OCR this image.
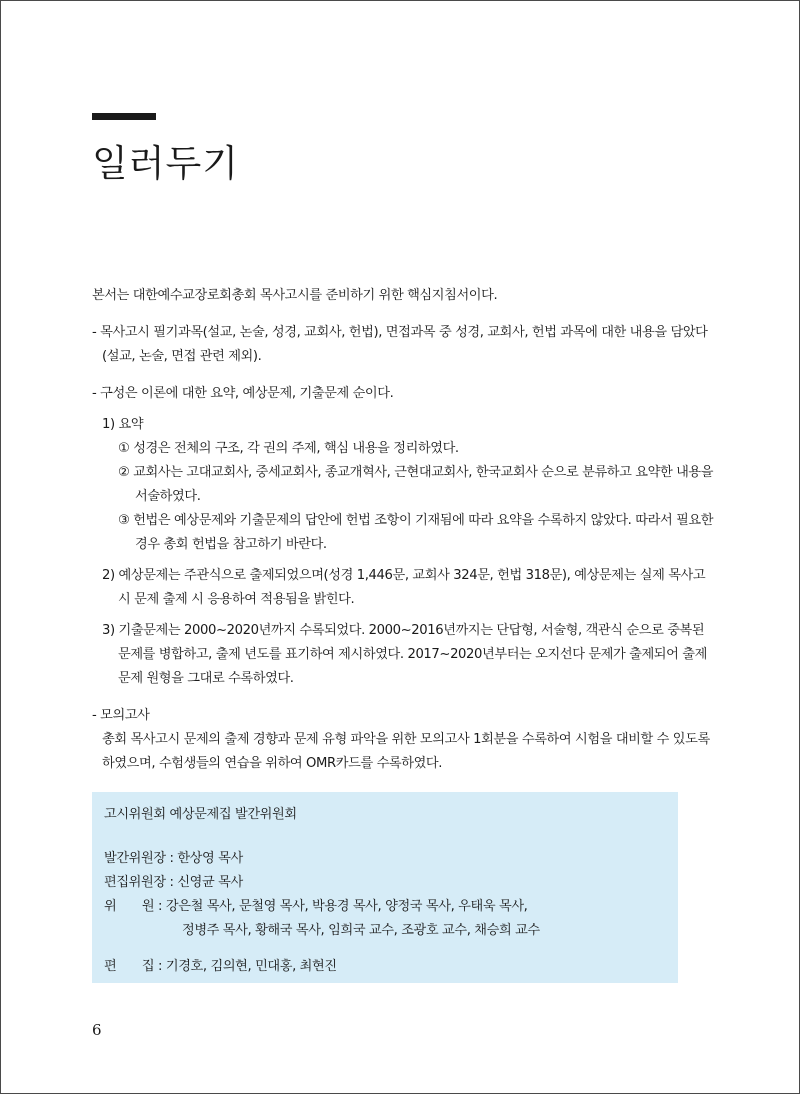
일러두기
본서는 대한예수교장로회총회 목사고시를 준비하기 위한 핵심지침서이다.
- 목사고시 필기과목(설교, 논술, 성경, 교회사, 헌법), 면접과목 중 성경, 교회사, 헌법 과목에 대한 내용을 담았다
(설교, 논술, 면접 관련 제외).
- 구성은 이론에 대한 요약, 예상문제, 기출문제 순이다.
1) 요약
① 성경은 전체의 구조, 각 권의 주제, 핵심 내용을 정리하였다.
② 교회사는 고대교회사, 중세교회사, 종교개혁사, 근현대교회사, 한국교회사 순으로 분류하고 요약한 내용을
서술하였다.
③ 헌법은 예상문제와 기출문제의 답안에 헌법 조항이 기재됨에 따라 요약을 수록하지 않았다. 따라서 필요한
경우 총회 헌법을 참고하기 바란다.
2) 예상문제는 주관식으로 출제되었으며(성경 1,446문, 교회사 324문, 헌법 318문), 예상문제는 실제 목사고
시 문제 출제 시 응용하여 적용됨을 밝힌다.
3) 기출문제는 2000~2020년까지 수록되었다. 2000~2016년까지는 단답형, 서술형, 객관식 순으로 중복된
문제를 병합하고, 출제 년도를 표기하여 제시하였다. 2017~2020년부터는 오지선다 문제가 출제되어 출제
문제 원형을 그대로 수록하였다.
- 모의고사
총회 목사고시 문제의 출제 경향과 문제 유형 파악을 위한 모의고사 1회분을 수록하여 시험을 대비할 수 있도록
하였으며, 수험생들의 연습을 위하여 OMR카드를 수록하였다.
고시위원회 예상문제집 발간위원회
발간위원장 : 한상영 목사
편집위원장 : 신영균 목사
위　　원 : 강은철 목사, 문철영 목사, 박용경 목사, 양정국 목사, 우태욱 목사,
정병주 목사, 황해국 목사, 임희국 교수, 조광호 교수, 채승희 교수
편　　집 : 기경호, 김의현, 민대홍, 최현진
6
